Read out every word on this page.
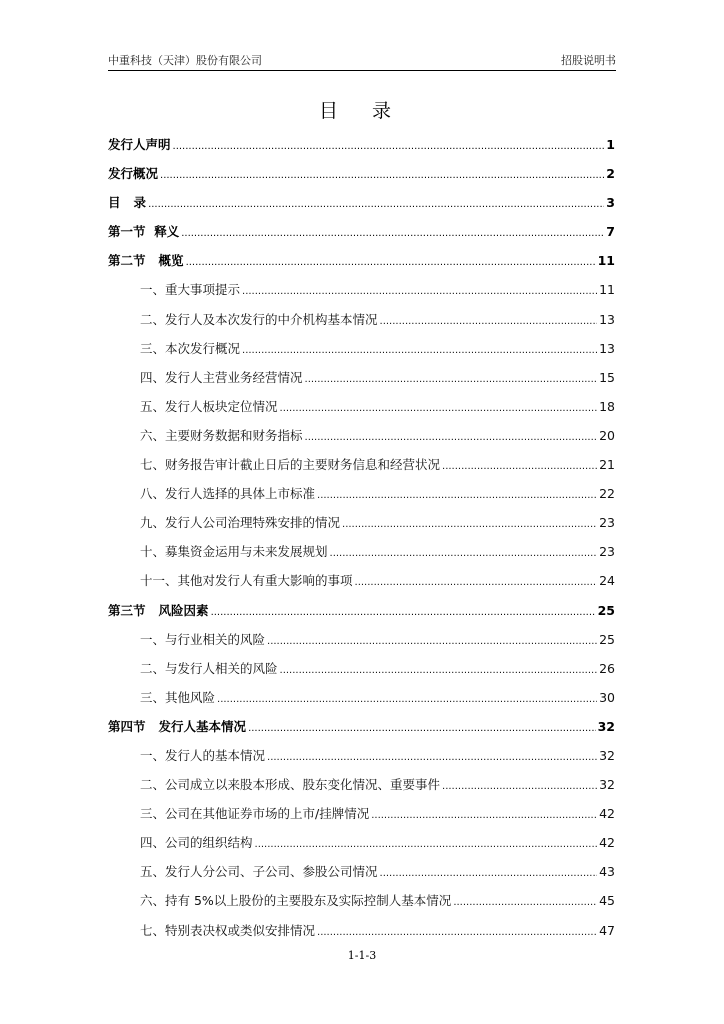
中重科技（天津）股份有限公司	招股说明书
目 录
发行人声明 .....	1
发行概况 .....	2
目   录 .....	3
第一节  释义 .....	7
第二节   概览 .....	11
一、重大事项提示 .....	11
二、发行人及本次发行的中介机构基本情况 .....	13
三、本次发行概况 .....	13
四、发行人主营业务经营情况 .....	15
五、发行人板块定位情况 .....	18
六、主要财务数据和财务指标 .....	20
七、财务报告审计截止日后的主要财务信息和经营状况 .....	21
八、发行人选择的具体上市标准 .....	22
九、发行人公司治理特殊安排的情况 .....	23
十、募集资金运用与未来发展规划 .....	23
十一、其他对发行人有重大影响的事项 .....	24
第三节   风险因素 .....	25
一、与行业相关的风险 .....	25
二、与发行人相关的风险 .....	26
三、其他风险 .....	30
第四节   发行人基本情况 .....	32
一、发行人的基本情况 .....	32
二、公司成立以来股本形成、股东变化情况、重要事件 .....	32
三、公司在其他证券市场的上市/挂牌情况 .....	42
四、公司的组织结构 .....	42
五、发行人分公司、子公司、参股公司情况 .....	43
六、持有 5%以上股份的主要股东及实际控制人基本情况 .....	45
七、特别表决权或类似安排情况 .....	47
1-1-3
